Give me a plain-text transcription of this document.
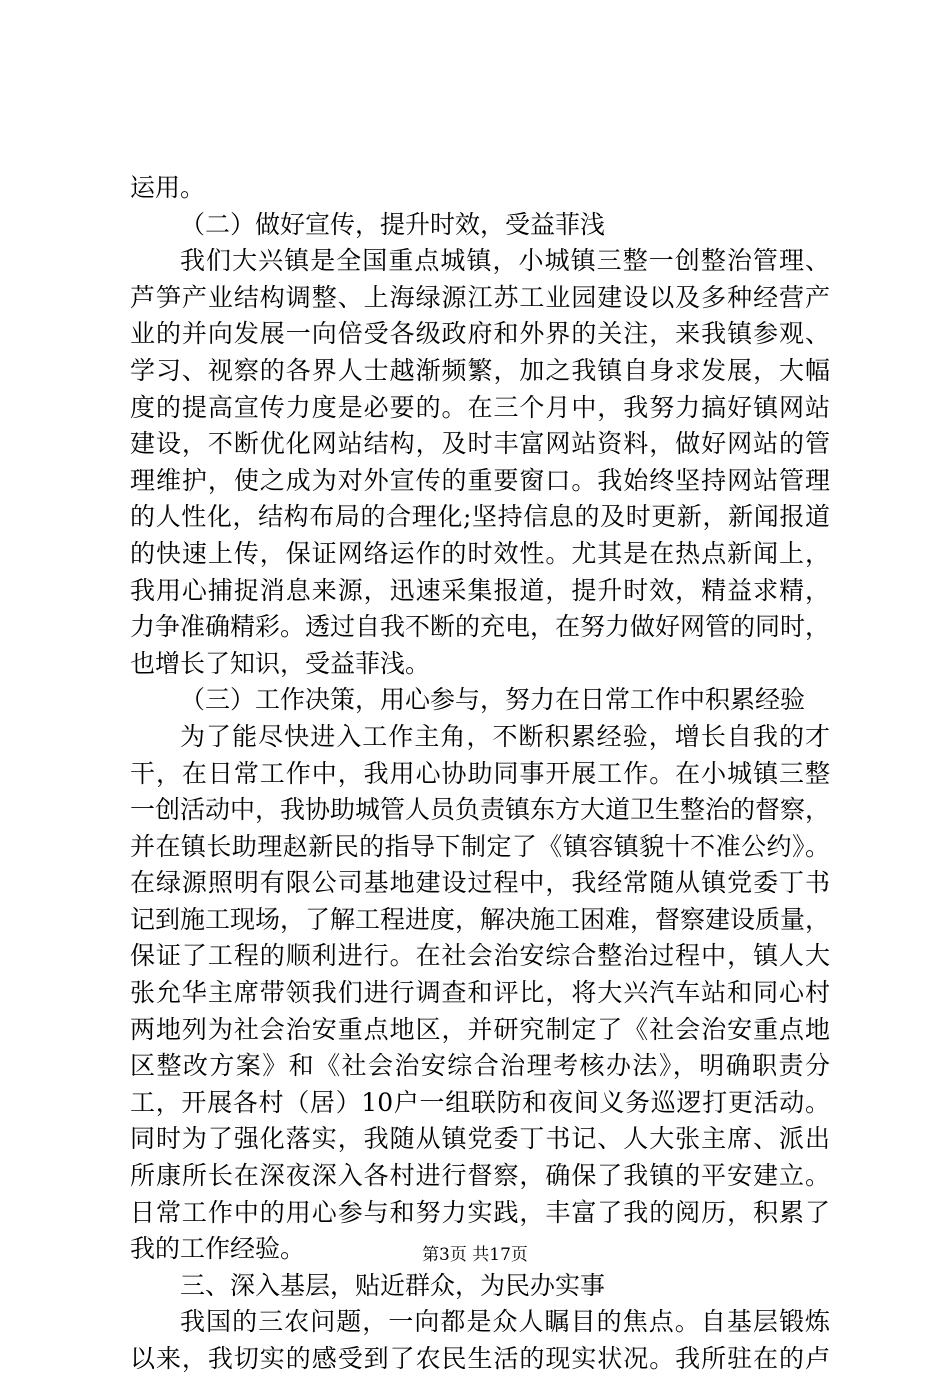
运用。
（二）做好宣传，提升时效，受益菲浅
我们大兴镇是全国重点城镇，小城镇三整一创整治管理、
芦笋产业结构调整、上海绿源江苏工业园建设以及多种经营产
业的并向发展一向倍受各级政府和外界的关注，来我镇参观、
学习、视察的各界人士越渐频繁，加之我镇自身求发展，大幅
度的提高宣传力度是必要的。在三个月中，我努力搞好镇网站
建设，不断优化网站结构，及时丰富网站资料，做好网站的管
理维护，使之成为对外宣传的重要窗口。我始终坚持网站管理
的人性化，结构布局的合理化;坚持信息的及时更新，新闻报道
的快速上传，保证网络运作的时效性。尤其是在热点新闻上，
我用心捕捉消息来源，迅速采集报道，提升时效，精益求精，
力争准确精彩。透过自我不断的充电，在努力做好网管的同时，
也增长了知识，受益菲浅。
（三）工作决策，用心参与，努力在日常工作中积累经验
为了能尽快进入工作主角，不断积累经验，增长自我的才
干，在日常工作中，我用心协助同事开展工作。在小城镇三整
一创活动中，我协助城管人员负责镇东方大道卫生整治的督察，
并在镇长助理赵新民的指导下制定了《镇容镇貌十不准公约》。
在绿源照明有限公司基地建设过程中，我经常随从镇党委丁书
记到施工现场，了解工程进度，解决施工困难，督察建设质量，
保证了工程的顺利进行。在社会治安综合整治过程中，镇人大
张允华主席带领我们进行调查和评比，将大兴汽车站和同心村
两地列为社会治安重点地区，并研究制定了《社会治安重点地
区整改方案》和《社会治安综合治理考核办法》，明确职责分
工，开展各村（居）10户一组联防和夜间义务巡逻打更活动。
同时为了强化落实，我随从镇党委丁书记、人大张主席、派出
所康所长在深夜深入各村进行督察，确保了我镇的平安建立。
日常工作中的用心参与和努力实践，丰富了我的阅历，积累了
我的工作经验。
三、深入基层，贴近群众，为民办实事
我国的三农问题，一向都是众人瞩目的焦点。自基层锻炼
以来，我切实的感受到了农民生活的现实状况。我所驻在的卢
第3页 共17页
